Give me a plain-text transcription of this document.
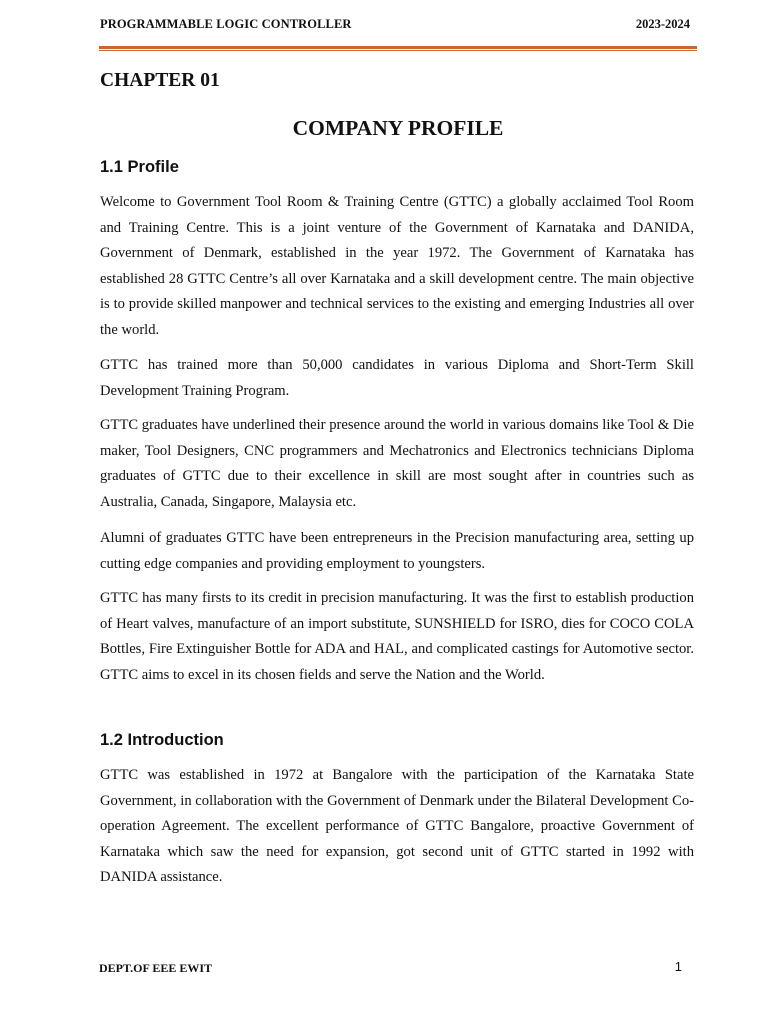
PROGRAMMABLE LOGIC CONTROLLER	2023-2024
CHAPTER 01
COMPANY PROFILE
1.1 Profile

Welcome to Government Tool Room & Training Centre (GTTC) a globally acclaimed Tool Room and Training Centre. This is a joint venture of the Government of Karnataka and DANIDA, Government of Denmark, established in the year 1972. The Government of Karnataka has established 28 GTTC Centre’s all over Karnataka and a skill development centre. The main objective is to provide skilled manpower and technical services to the existing and emerging Industries all over the world.

GTTC has trained more than 50,000 candidates in various Diploma and Short-Term Skill Development Training Program.

GTTC graduates have underlined their presence around the world in various domains like Tool & Die maker, Tool Designers, CNC programmers and Mechatronics and Electronics technicians Diploma graduates of GTTC due to their excellence in skill are most sought after in countries such as Australia, Canada, Singapore, Malaysia etc.

Alumni of graduates GTTC have been entrepreneurs in the Precision manufacturing area, setting up cutting edge companies and providing employment to youngsters.

GTTC has many firsts to its credit in precision manufacturing. It was the first to establish production of Heart valves, manufacture of an import substitute, SUNSHIELD for ISRO, dies for COCO COLA Bottles, Fire Extinguisher Bottle for ADA and HAL, and complicated castings for Automotive sector. GTTC aims to excel in its chosen fields and serve the Nation and the World.

1.2 Introduction

GTTC was established in 1972 at Bangalore with the participation of the Karnataka State Government, in collaboration with the Government of Denmark under the Bilateral Development Co-operation Agreement. The excellent performance of GTTC Bangalore, proactive Government of Karnataka which saw the need for expansion, got second unit of GTTC started in 1992 with DANIDA assistance.

DEPT.OF EEE EWIT	1
